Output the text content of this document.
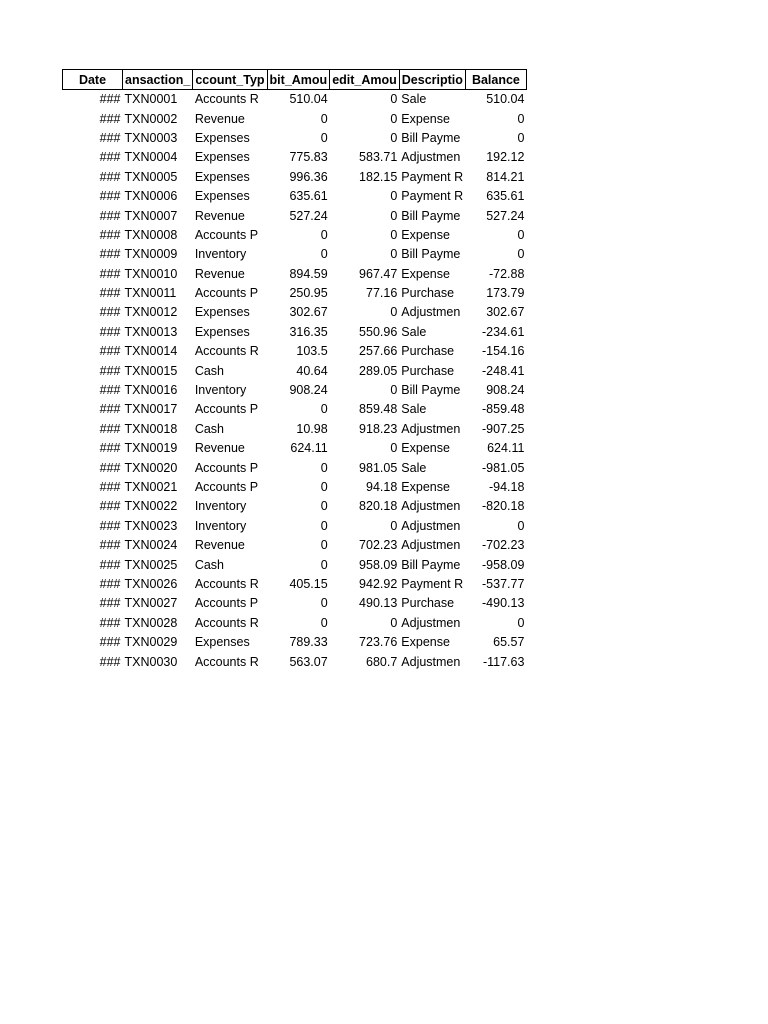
Date	ansaction_	ccount_Typ	bit_Amou	edit_Amou	Descriptio	Balance
###	TXN0001	Accounts R	510.04	0	Sale	510.04
###	TXN0002	Revenue	0	0	Expense	0
###	TXN0003	Expenses	0	0	Bill Payme	0
###	TXN0004	Expenses	775.83	583.71	Adjustmen	192.12
###	TXN0005	Expenses	996.36	182.15	Payment R	814.21
###	TXN0006	Expenses	635.61	0	Payment R	635.61
###	TXN0007	Revenue	527.24	0	Bill Payme	527.24
###	TXN0008	Accounts P	0	0	Expense	0
###	TXN0009	Inventory	0	0	Bill Payme	0
###	TXN0010	Revenue	894.59	967.47	Expense	-72.88
###	TXN0011	Accounts P	250.95	77.16	Purchase	173.79
###	TXN0012	Expenses	302.67	0	Adjustmen	302.67
###	TXN0013	Expenses	316.35	550.96	Sale	-234.61
###	TXN0014	Accounts R	103.5	257.66	Purchase	-154.16
###	TXN0015	Cash	40.64	289.05	Purchase	-248.41
###	TXN0016	Inventory	908.24	0	Bill Payme	908.24
###	TXN0017	Accounts P	0	859.48	Sale	-859.48
###	TXN0018	Cash	10.98	918.23	Adjustmen	-907.25
###	TXN0019	Revenue	624.11	0	Expense	624.11
###	TXN0020	Accounts P	0	981.05	Sale	-981.05
###	TXN0021	Accounts P	0	94.18	Expense	-94.18
###	TXN0022	Inventory	0	820.18	Adjustmen	-820.18
###	TXN0023	Inventory	0	0	Adjustmen	0
###	TXN0024	Revenue	0	702.23	Adjustmen	-702.23
###	TXN0025	Cash	0	958.09	Bill Payme	-958.09
###	TXN0026	Accounts R	405.15	942.92	Payment R	-537.77
###	TXN0027	Accounts P	0	490.13	Purchase	-490.13
###	TXN0028	Accounts R	0	0	Adjustmen	0
###	TXN0029	Expenses	789.33	723.76	Expense	65.57
###	TXN0030	Accounts R	563.07	680.7	Adjustmen	-117.63
